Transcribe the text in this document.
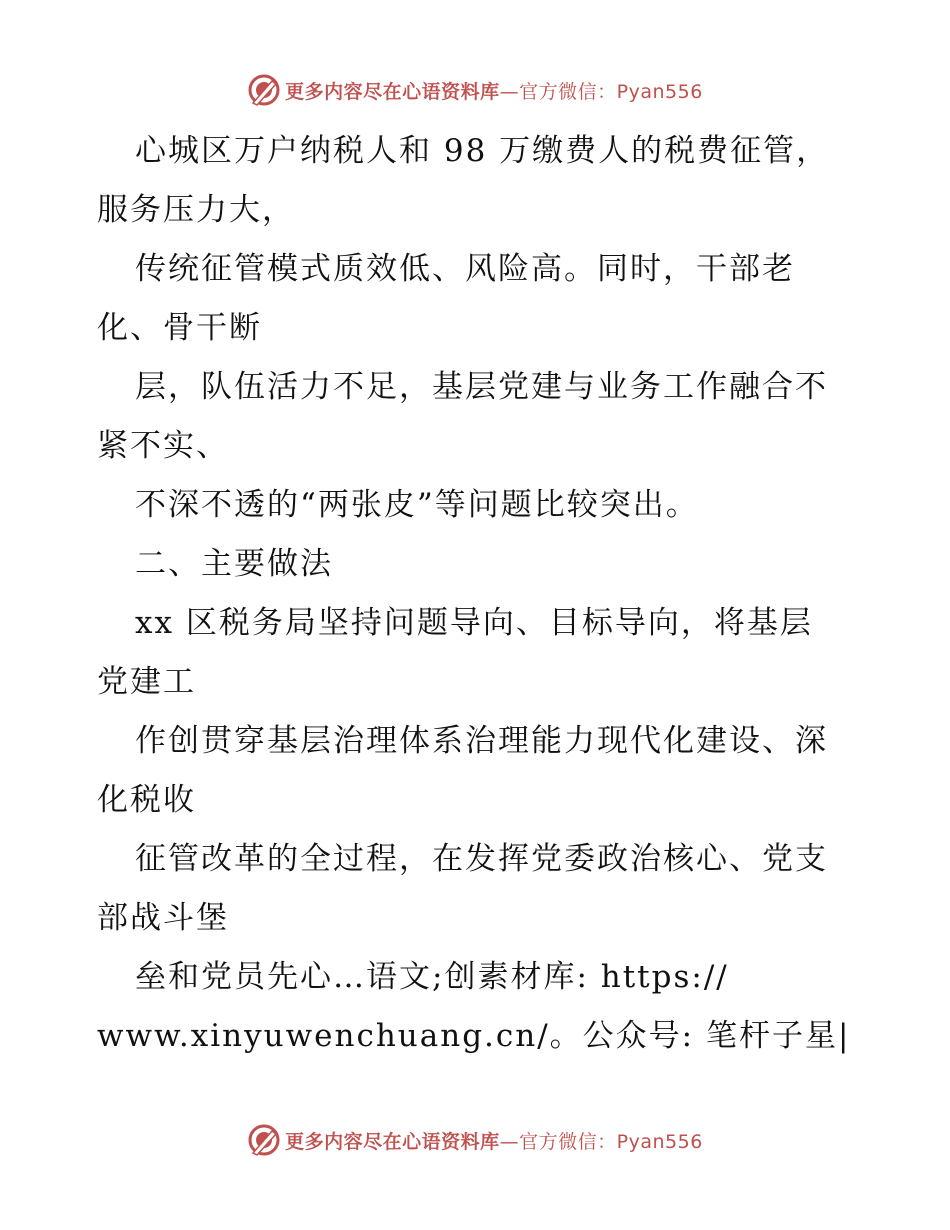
更多内容尽在心语资料库—官方微信：Pyan556
心城区万户纳税人和 98 万缴费人的税费征管，
服务压力大，
传统征管模式质效低、风险高。同时，干部老
化、骨干断
层，队伍活力不足，基层党建与业务工作融合不
紧不实、
不深不透的“两张皮”等问题比较突出。
二、主要做法
xx 区税务局坚持问题导向、目标导向，将基层
党建工
作创贯穿基层治理体系治理能力现代化建设、深
化税收
征管改革的全过程，在发挥党委政治核心、党支
部战斗堡
垒和党员先心…语文;创素材库: https://
www.xinyuwenchuang.cn/。公众号: 笔杆子星|
更多内容尽在心语资料库—官方微信：Pyan556
